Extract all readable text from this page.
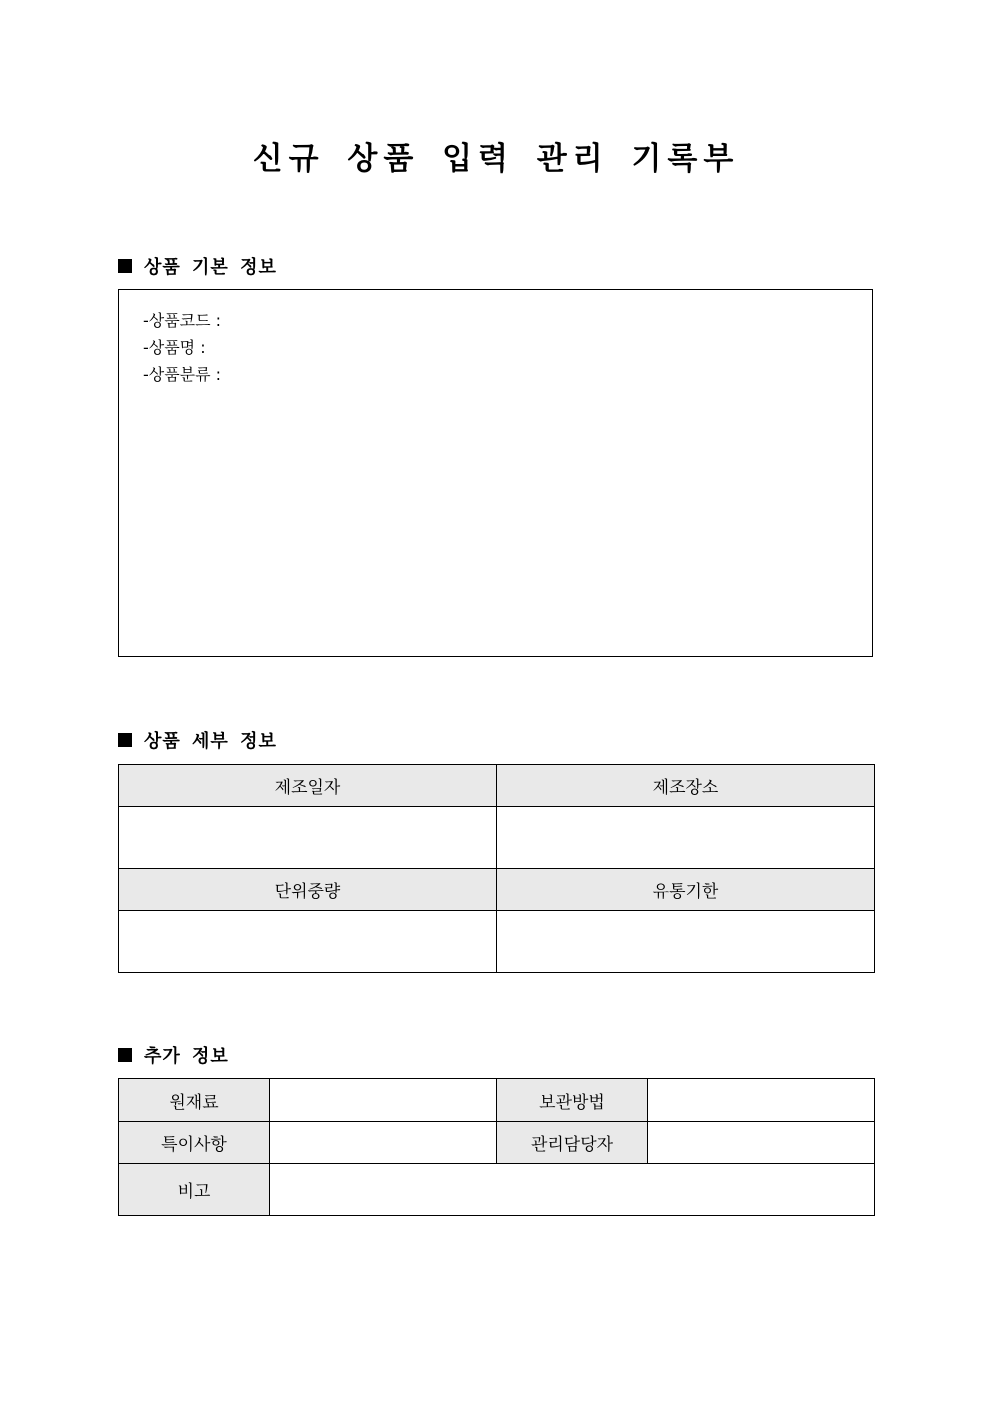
신규 상품 입력 관리 기록부
상품 기본 정보
-상품코드 :
-상품명 :
-상품분류 :
상품 세부 정보
제조일자	제조장소

단위중량	유통기한

추가 정보
원재료		보관방법	
특이사항		관리담당자	
비고			
